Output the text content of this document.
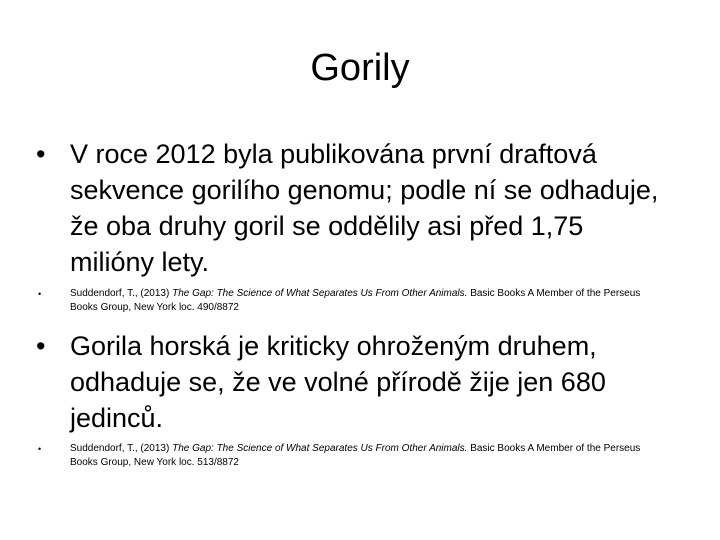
Gorily
• V roce 2012 byla publikována první draftová sekvence gorilího genomu; podle ní se odhaduje, že oba druhy goril se oddělily asi před 1,75 milióny lety.
•	Suddendorf, T., (2013) The Gap: The Science of What Separates Us From Other Animals. Basic Books A Member of the Perseus Books Group, New York loc. 490/8872
• Gorila horská je kriticky ohroženým druhem, odhaduje se, že ve volné přírodě žije jen 680 jedinců.
•	Suddendorf, T., (2013) The Gap: The Science of What Separates Us From Other Animals. Basic Books A Member of the Perseus Books Group, New York loc. 513/8872
